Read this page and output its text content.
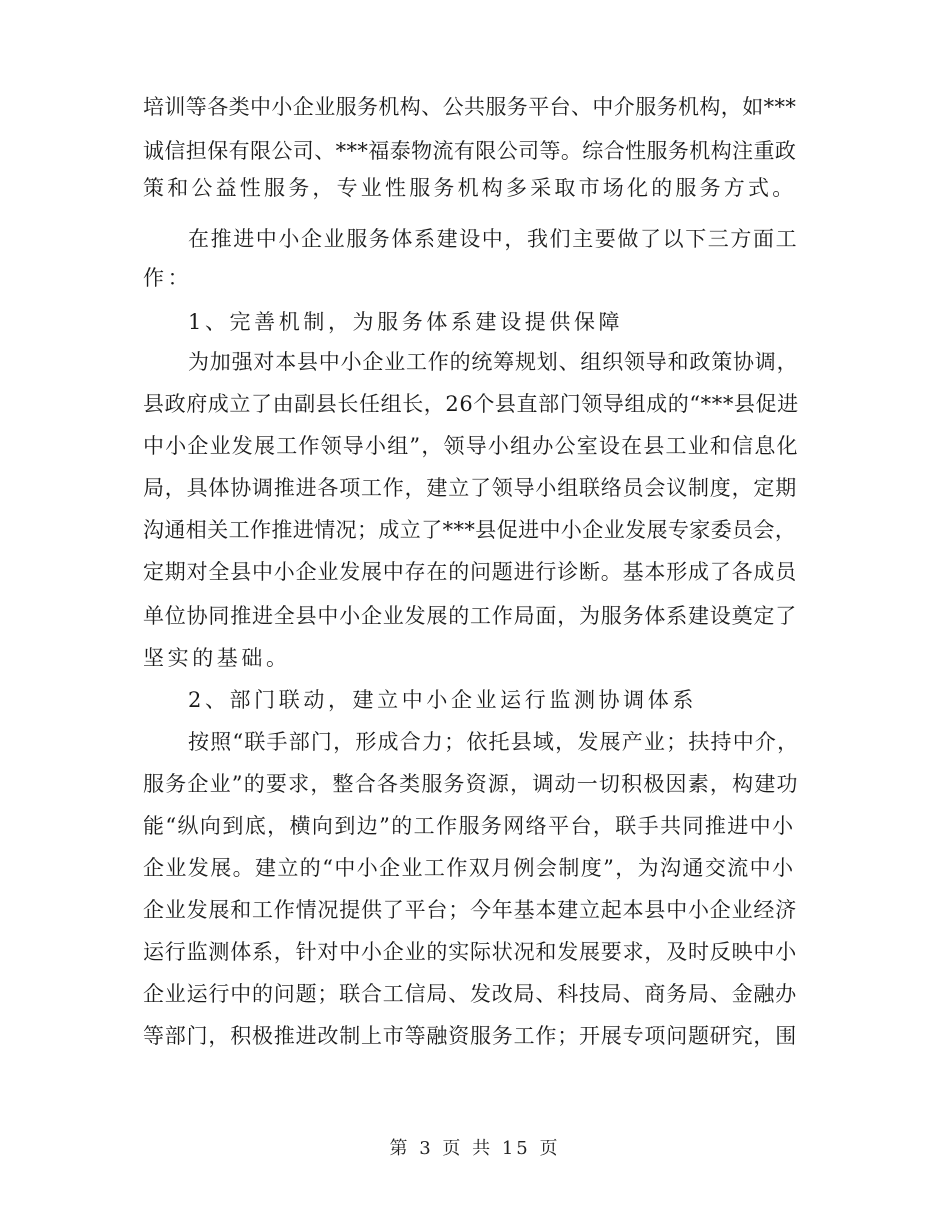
培训等各类中小企业服务机构、公共服务平台、中介服务机构，如***
诚信担保有限公司、***福泰物流有限公司等。综合性服务机构注重政
策和公益性服务，专业性服务机构多采取市场化的服务方式。
在推进中小企业服务体系建设中，我们主要做了以下三方面工
作：
1、完善机制，为服务体系建设提供保障
为加强对本县中小企业工作的统筹规划、组织领导和政策协调，
县政府成立了由副县长任组长，26个县直部门领导组成的“***县促进
中小企业发展工作领导小组”，领导小组办公室设在县工业和信息化
局，具体协调推进各项工作，建立了领导小组联络员会议制度，定期
沟通相关工作推进情况；成立了***县促进中小企业发展专家委员会，
定期对全县中小企业发展中存在的问题进行诊断。基本形成了各成员
单位协同推进全县中小企业发展的工作局面，为服务体系建设奠定了
坚实的基础。
2、部门联动，建立中小企业运行监测协调体系
按照“联手部门，形成合力；依托县域，发展产业；扶持中介，
服务企业”的要求，整合各类服务资源，调动一切积极因素，构建功
能“纵向到底，横向到边”的工作服务网络平台，联手共同推进中小
企业发展。建立的“中小企业工作双月例会制度”，为沟通交流中小
企业发展和工作情况提供了平台；今年基本建立起本县中小企业经济
运行监测体系，针对中小企业的实际状况和发展要求，及时反映中小
企业运行中的问题；联合工信局、发改局、科技局、商务局、金融办
等部门，积极推进改制上市等融资服务工作；开展专项问题研究，围
第 3 页 共 15 页
